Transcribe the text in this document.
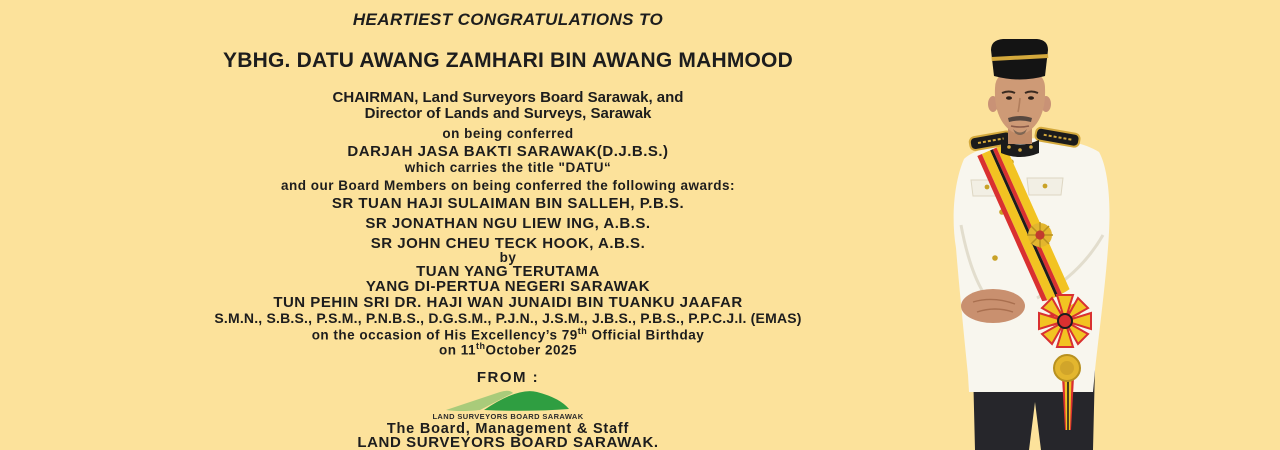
HEARTIEST CONGRATULATIONS TO
YBHG. DATU AWANG ZAMHARI BIN AWANG MAHMOOD
CHAIRMAN, Land Surveyors Board Sarawak, and
Director of Lands and Surveys, Sarawak
on being conferred
DARJAH JASA BAKTI SARAWAK(D.J.B.S.)
which carries the title "DATU“
and our Board Members on being conferred the following awards:
SR TUAN HAJI SULAIMAN BIN SALLEH, P.B.S.
SR JONATHAN NGU LIEW ING, A.B.S.
SR JOHN CHEU TECK HOOK, A.B.S.
by
TUAN YANG TERUTAMA
YANG DI-PERTUA NEGERI SARAWAK
TUN PEHIN SRI DR. HAJI WAN JUNAIDI BIN TUANKU JAAFAR
S.M.N., S.B.S., P.S.M., P.N.B.S., D.G.S.M., P.J.N., J.S.M., J.B.S., P.B.S., P.P.C.J.I. (EMAS)
on the occasion of His Excellency’s 79th Official Birthday
on 11thOctober 2025
FROM :
LAND SURVEYORS BOARD SARAWAK
The Board, Management & Staff
LAND SURVEYORS BOARD SARAWAK.
